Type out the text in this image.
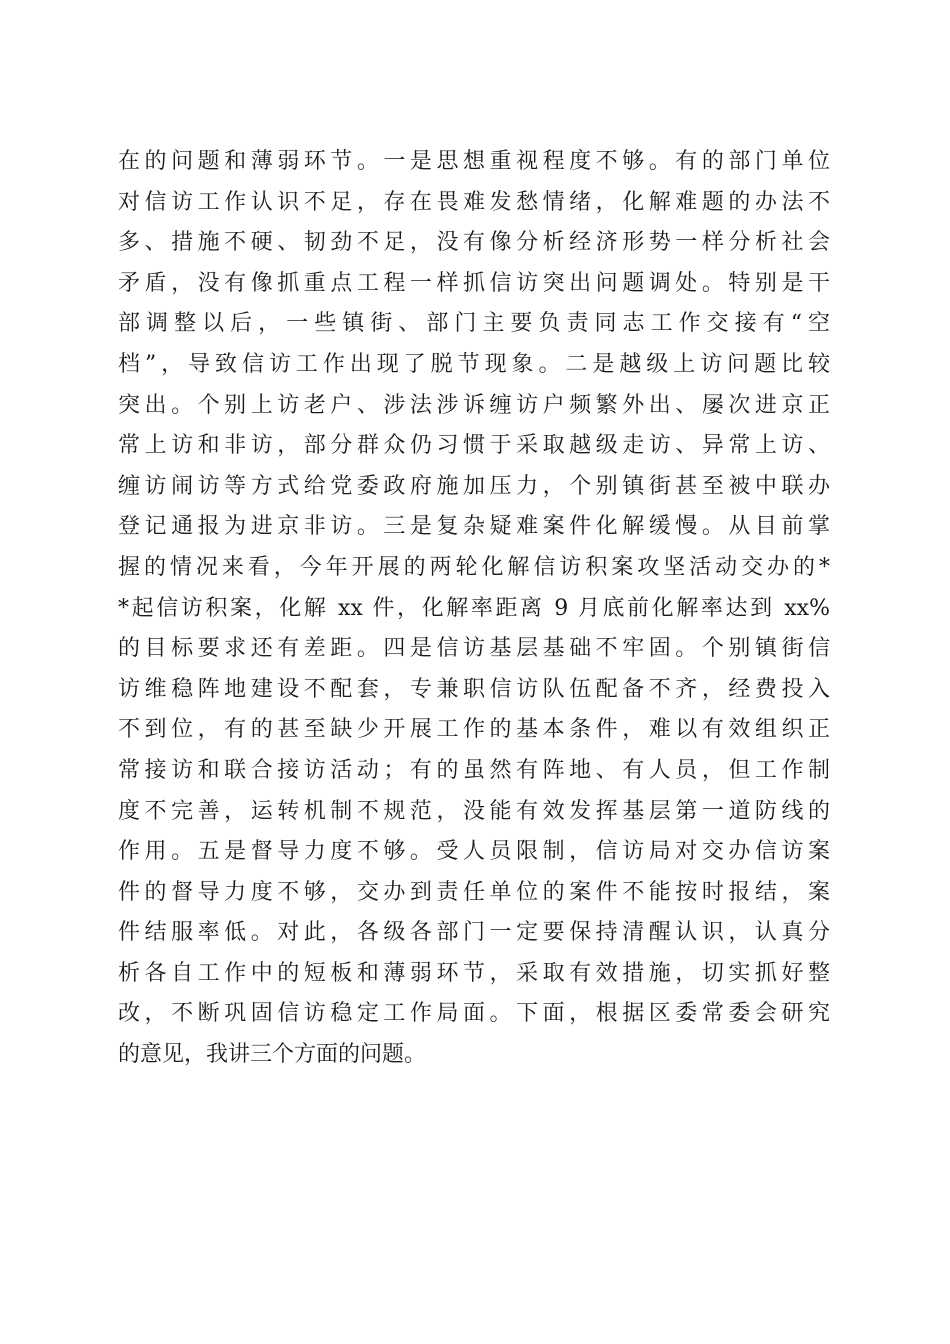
在的问题和薄弱环节。一是思想重视程度不够。有的部门单位
对信访工作认识不足，存在畏难发愁情绪，化解难题的办法不
多、措施不硬、韧劲不足，没有像分析经济形势一样分析社会
矛盾，没有像抓重点工程一样抓信访突出问题调处。特别是干
部调整以后，一些镇街、部门主要负责同志工作交接有“空
档”，导致信访工作出现了脱节现象。二是越级上访问题比较
突出。个别上访老户、涉法涉诉缠访户频繁外出、屡次进京正
常上访和非访，部分群众仍习惯于采取越级走访、异常上访、
缠访闹访等方式给党委政府施加压力，个别镇街甚至被中联办
登记通报为进京非访。三是复杂疑难案件化解缓慢。从目前掌
握的情况来看，今年开展的两轮化解信访积案攻坚活动交办的*
*起信访积案，化解 xx 件，化解率距离 9 月底前化解率达到 xx%
的目标要求还有差距。四是信访基层基础不牢固。个别镇街信
访维稳阵地建设不配套，专兼职信访队伍配备不齐，经费投入
不到位，有的甚至缺少开展工作的基本条件，难以有效组织正
常接访和联合接访活动；有的虽然有阵地、有人员，但工作制
度不完善，运转机制不规范，没能有效发挥基层第一道防线的
作用。五是督导力度不够。受人员限制，信访局对交办信访案
件的督导力度不够，交办到责任单位的案件不能按时报结，案
件结服率低。对此，各级各部门一定要保持清醒认识，认真分
析各自工作中的短板和薄弱环节，采取有效措施，切实抓好整
改，不断巩固信访稳定工作局面。下面，根据区委常委会研究
的意见，我讲三个方面的问题。
